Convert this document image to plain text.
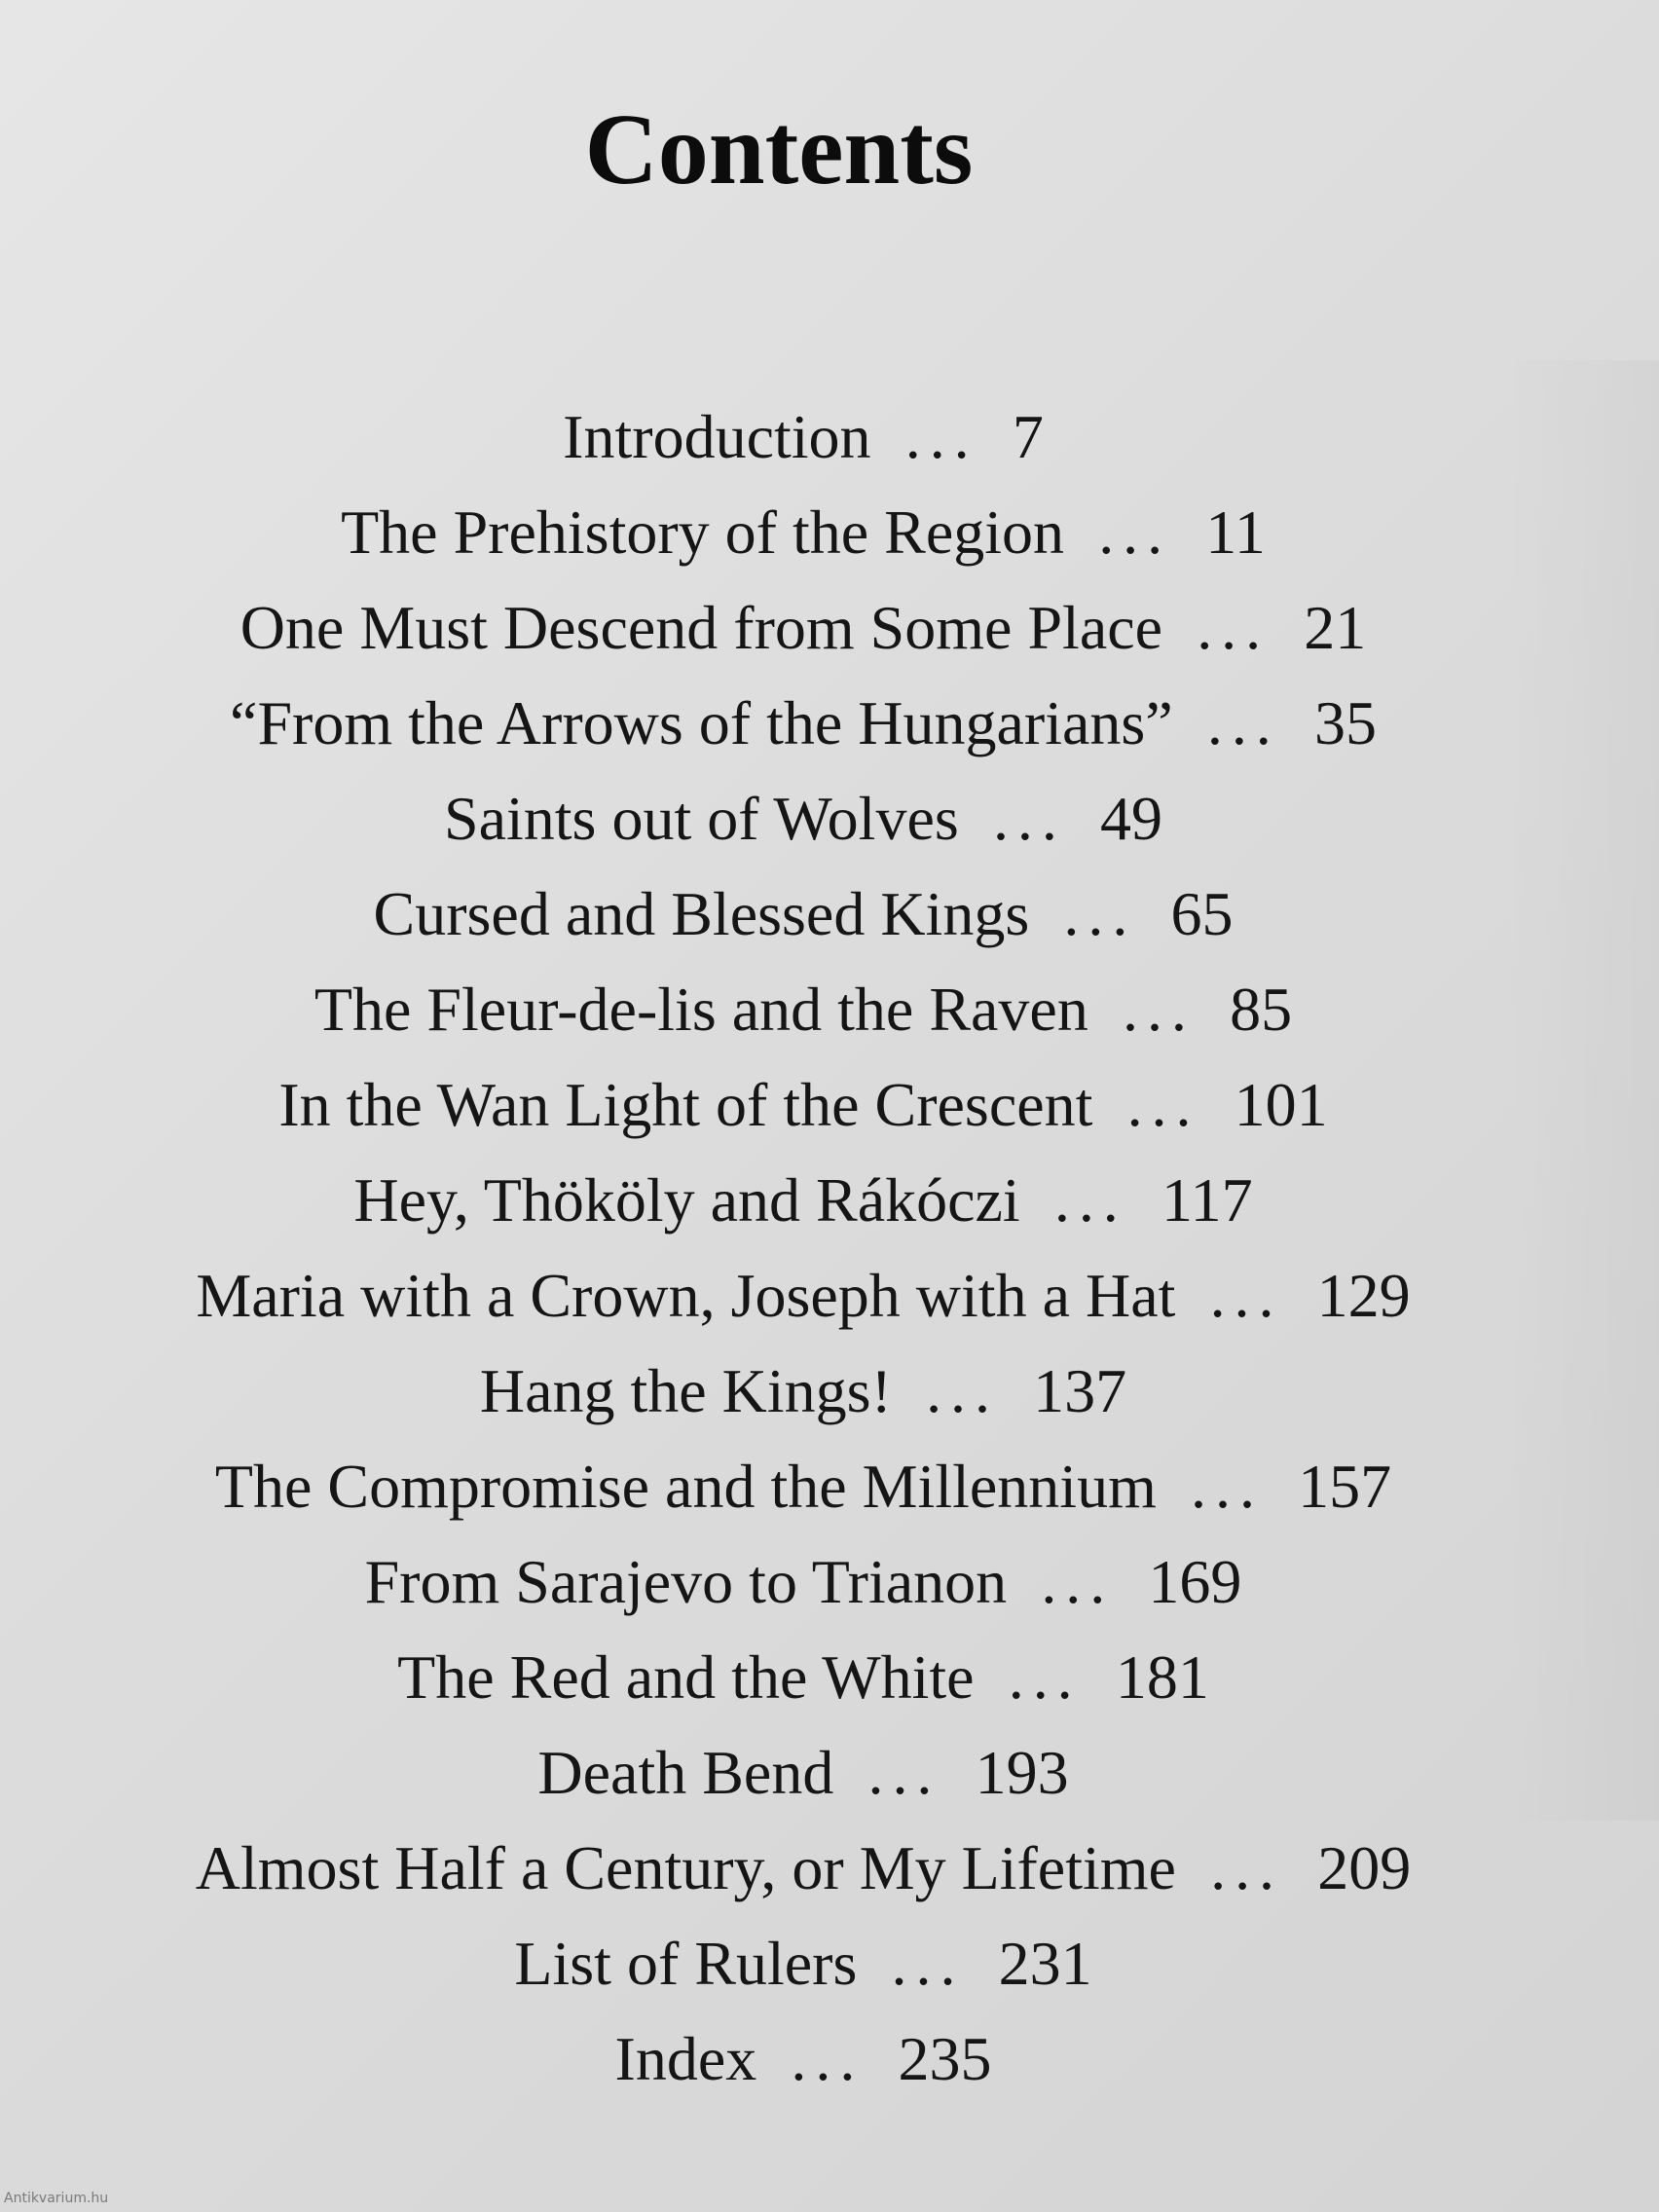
Contents
Introduction ... 7
The Prehistory of the Region ... 11
One Must Descend from Some Place ... 21
“From the Arrows of the Hungarians” ... 35
Saints out of Wolves ... 49
Cursed and Blessed Kings ... 65
The Fleur-de-lis and the Raven ... 85
In the Wan Light of the Crescent ... 101
Hey, Thököly and Rákóczi ... 117
Maria with a Crown, Joseph with a Hat ... 129
Hang the Kings! ... 137
The Compromise and the Millennium ... 157
From Sarajevo to Trianon ... 169
The Red and the White ... 181
Death Bend ... 193
Almost Half a Century, or My Lifetime ... 209
List of Rulers ... 231
Index ... 235
Antikvarium.hu
